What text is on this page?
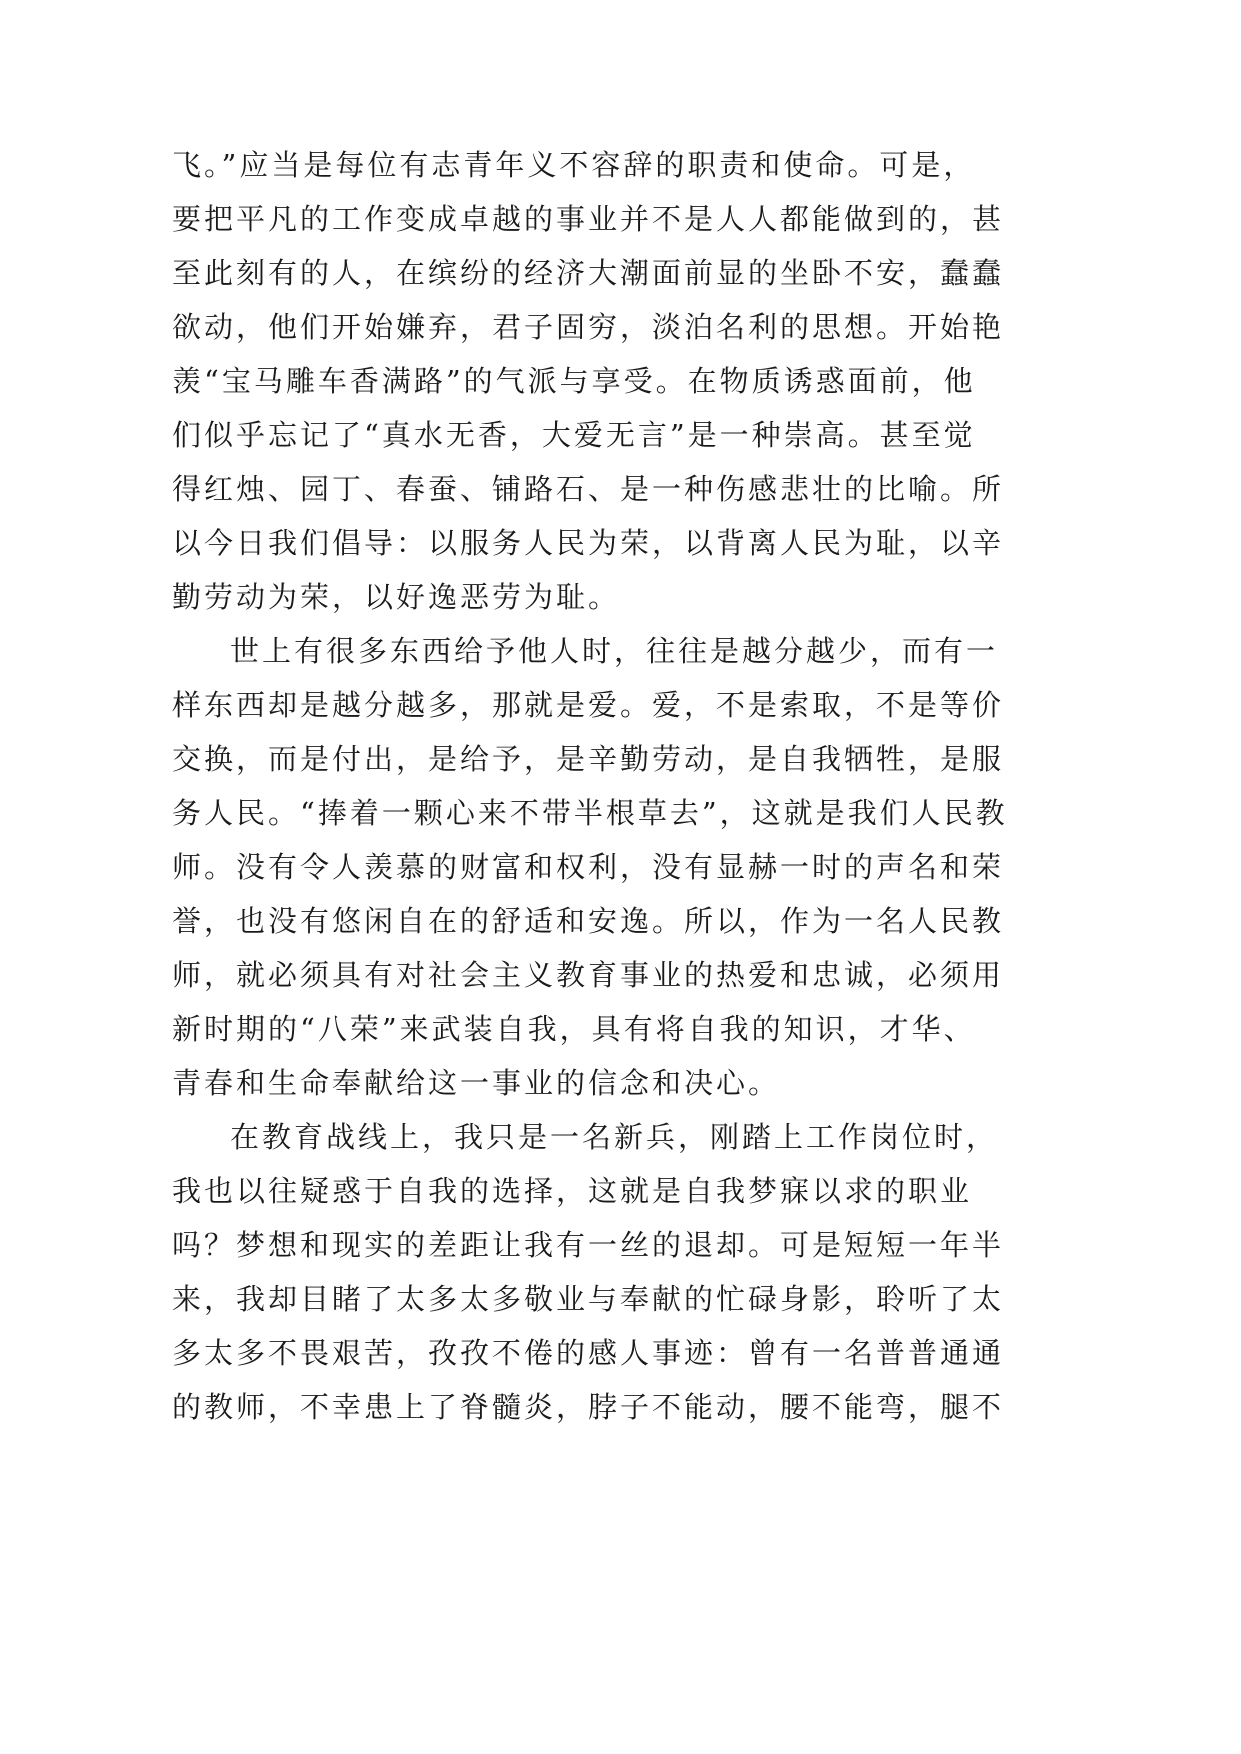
飞。”应当是每位有志青年义不容辞的职责和使命。可是，
要把平凡的工作变成卓越的事业并不是人人都能做到的，甚
至此刻有的人，在缤纷的经济大潮面前显的坐卧不安，蠢蠢
欲动，他们开始嫌弃，君子固穷，淡泊名利的思想。开始艳
羡“宝马雕车香满路”的气派与享受。在物质诱惑面前，他
们似乎忘记了“真水无香，大爱无言”是一种崇高。甚至觉
得红烛、园丁、春蚕、铺路石、是一种伤感悲壮的比喻。所
以今日我们倡导：以服务人民为荣，以背离人民为耻，以辛
勤劳动为荣，以好逸恶劳为耻。
世上有很多东西给予他人时，往往是越分越少，而有一
样东西却是越分越多，那就是爱。爱，不是索取，不是等价
交换，而是付出，是给予，是辛勤劳动，是自我牺牲，是服
务人民。“捧着一颗心来不带半根草去”，这就是我们人民教
师。没有令人羡慕的财富和权利，没有显赫一时的声名和荣
誉，也没有悠闲自在的舒适和安逸。所以，作为一名人民教
师，就必须具有对社会主义教育事业的热爱和忠诚，必须用
新时期的“八荣”来武装自我，具有将自我的知识，才华、
青春和生命奉献给这一事业的信念和决心。
在教育战线上，我只是一名新兵，刚踏上工作岗位时，
我也以往疑惑于自我的选择，这就是自我梦寐以求的职业
吗？梦想和现实的差距让我有一丝的退却。可是短短一年半
来，我却目睹了太多太多敬业与奉献的忙碌身影，聆听了太
多太多不畏艰苦，孜孜不倦的感人事迹：曾有一名普普通通
的教师，不幸患上了脊髓炎，脖子不能动，腰不能弯，腿不
